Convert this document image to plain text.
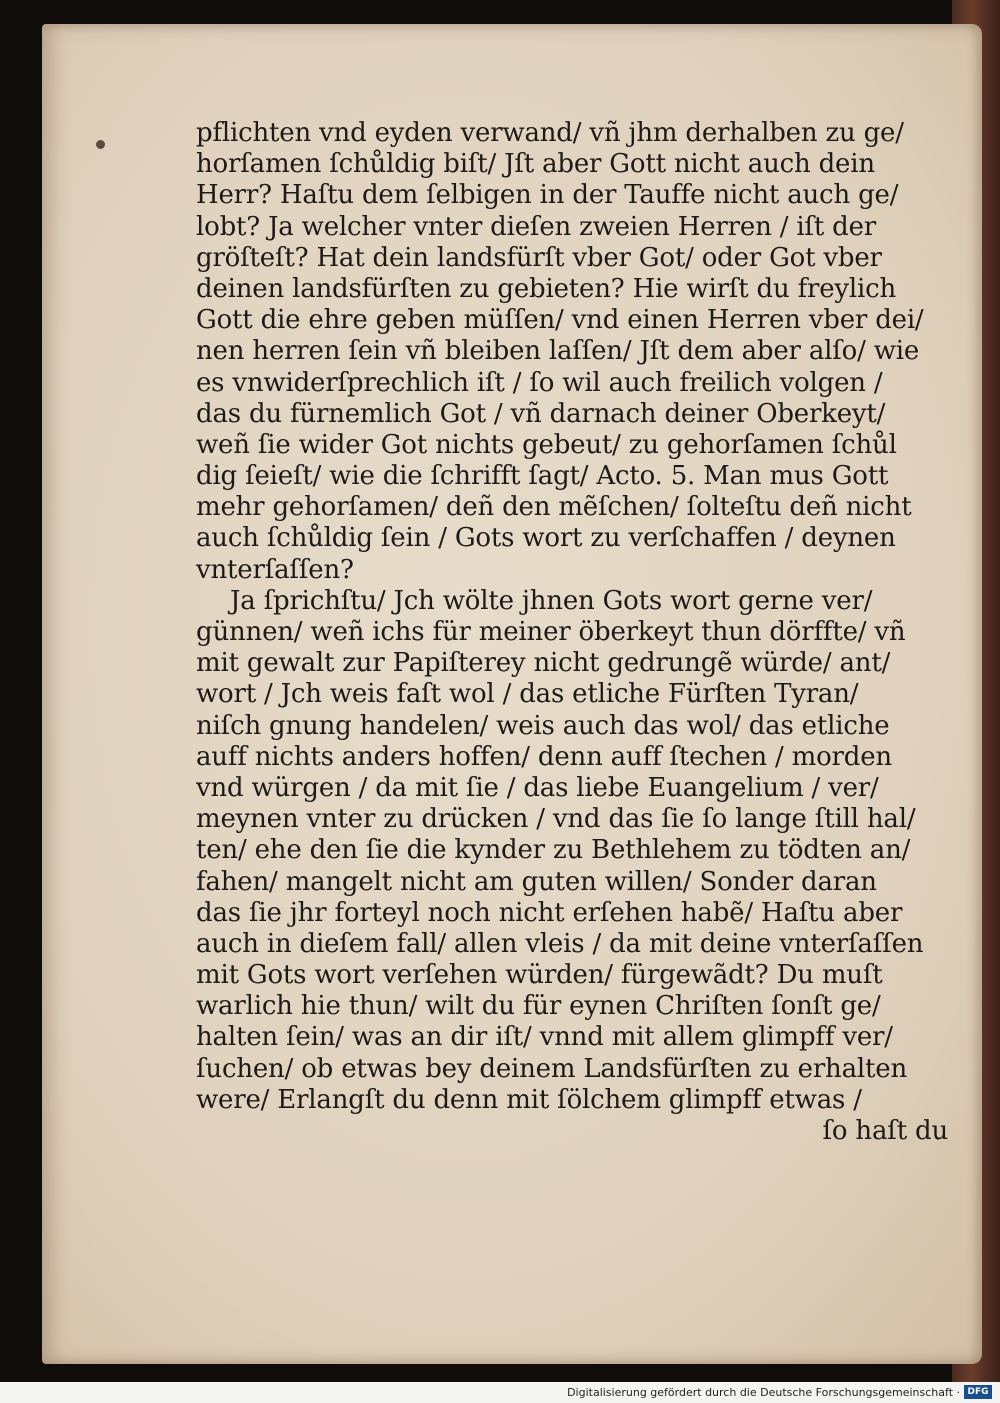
pflichten vnd eyden verwand/ vñ jhm derhalben zu ge/
horſamen ſchůldig biſt/ Jſt aber Gott nicht auch dein
Herr? Haſtu dem ſelbigen in der Tauffe nicht auch ge/
lobt? Ja welcher vnter dieſen zweien Herren / iſt der
gröſteſt? Hat dein landsfürſt vber Got/ oder Got vber
deinen landsfürſten zu gebieten? Hie wirſt du freylich
Gott die ehre geben müſſen/ vnd einen Herren vber dei/
nen herren ſein vñ bleiben laſſen/ Jſt dem aber alſo/ wie
es vnwiderſprechlich iſt / ſo wil auch freilich volgen /
das du fürnemlich Got / vñ darnach deiner Oberkeyt/
weñ ſie wider Got nichts gebeut/ zu gehorſamen ſchůl
dig ſeieſt/ wie die ſchrifft ſagt/ Acto. 5. Man mus Gott
mehr gehorſamen/ deñ den mẽſchen/ ſolteſtu deñ nicht
auch ſchůldig ſein / Gots wort zu verſchaffen / deynen
vnterſaſſen?
Ja ſprichſtu/ Jch wölte jhnen Gots wort gerne ver/
günnen/ weñ ichs für meiner öberkeyt thun dörffte/ vñ
mit gewalt zur Papiſterey nicht gedrungẽ würde/ ant/
wort / Jch weis faſt wol / das etliche Fürſten Tyran/
niſch gnung handelen/ weis auch das wol/ das etliche
auff nichts anders hoffen/ denn auff ſtechen / morden
vnd würgen / da mit ſie / das liebe Euangelium / ver/
meynen vnter zu drücken / vnd das ſie ſo lange ſtill hal/
ten/ ehe den ſie die kynder zu Bethlehem zu tödten an/
fahen/ mangelt nicht am guten willen/ Sonder daran
das ſie jhr forteyl noch nicht erſehen habẽ/ Haſtu aber
auch in dieſem fall/ allen vleis / da mit deine vnterſaſſen
mit Gots wort verſehen würden/ fürgewãdt? Du muſt
warlich hie thun/ wilt du für eynen Chriſten ſonſt ge/
halten ſein/ was an dir iſt/ vnnd mit allem glimpff ver/
ſuchen/ ob etwas bey deinem Landsfürſten zu erhalten
were/ Erlangſt du denn mit ſölchem glimpff etwas /
ſo haſt du
Digitalisierung gefördert durch die Deutsche Forschungsgemeinschaft · DFG
